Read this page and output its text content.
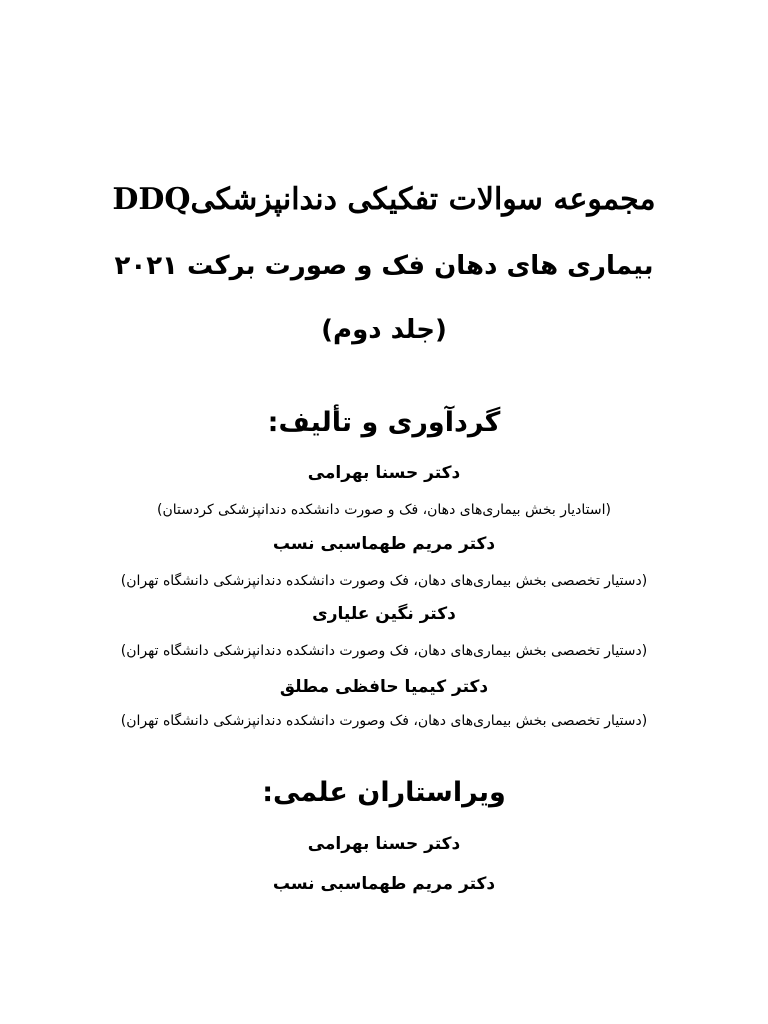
مجموعه سوالات تفکیکی دندانپزشکیDDQ
بیماری های دهان فک و صورت برکت ۲۰۲۱
(جلد دوم)
گردآوری و تألیف:
دکتر حسنا بهرامی
(استادیار بخش بیماری‌های دهان، فک و صورت دانشکده دندانپزشکی کردستان)
دکتر مریم طهماسبی نسب
(دستیار تخصصی بخش بیماری‌های دهان، فک وصورت دانشکده دندانپزشکی دانشگاه تهران)
دکتر نگین علیاری
(دستیار تخصصی بخش بیماری‌های دهان، فک وصورت دانشکده دندانپزشکی دانشگاه تهران)
دکتر کیمیا حافظی مطلق
(دستیار تخصصی بخش بیماری‌های دهان، فک وصورت دانشکده دندانپزشکی دانشگاه تهران)
ویراستاران علمی:
دکتر حسنا بهرامی
دکتر مریم طهماسبی نسب
